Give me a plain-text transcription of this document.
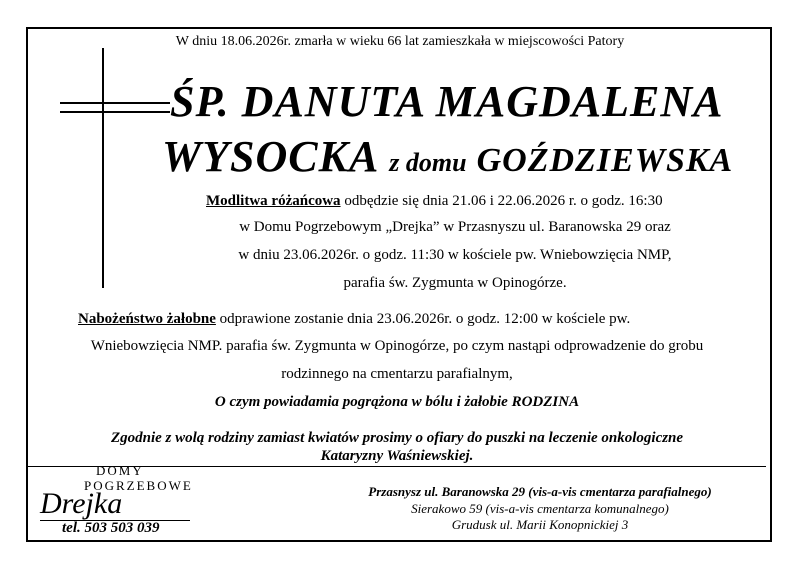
W dniu 18.06.2026r. zmarła w wieku 66 lat zamieszkała w miejscowości Patory
ŚP. DANUTA MAGDALENA
WYSOCKA z domu GOŹDZIEWSKA
Modlitwa różańcowa odbędzie się dnia 21.06 i 22.06.2026 r. o godz. 16:30
w Domu Pogrzebowym „Drejka” w Przasnyszu ul. Baranowska 29 oraz
w dniu 23.06.2026r. o godz. 11:30 w kościele pw. Wniebowzięcia NMP,
parafia św. Zygmunta w Opinogórze.
Nabożeństwo żałobne odprawione zostanie dnia 23.06.2026r. o godz. 12:00 w kościele pw.
Wniebowzięcia NMP. parafia św. Zygmunta w Opinogórze, po czym nastąpi odprowadzenie do grobu
rodzinnego na cmentarzu parafialnym,
O czym powiadamia pogrążona w bólu i żałobie RODZINA
Zgodnie z wolą rodziny zamiast kwiatów prosimy o ofiary do puszki na leczenie onkologiczne
Kataryzny Waśniewskiej.
DOMY
POGRZEBOWE
Drejka
tel. 503 503 039
Przasnysz ul. Baranowska 29 (vis-a-vis cmentarza parafialnego)
Sierakowo 59 (vis-a-vis cmentarza komunalnego)
Grudusk ul. Marii Konopnickiej 3
